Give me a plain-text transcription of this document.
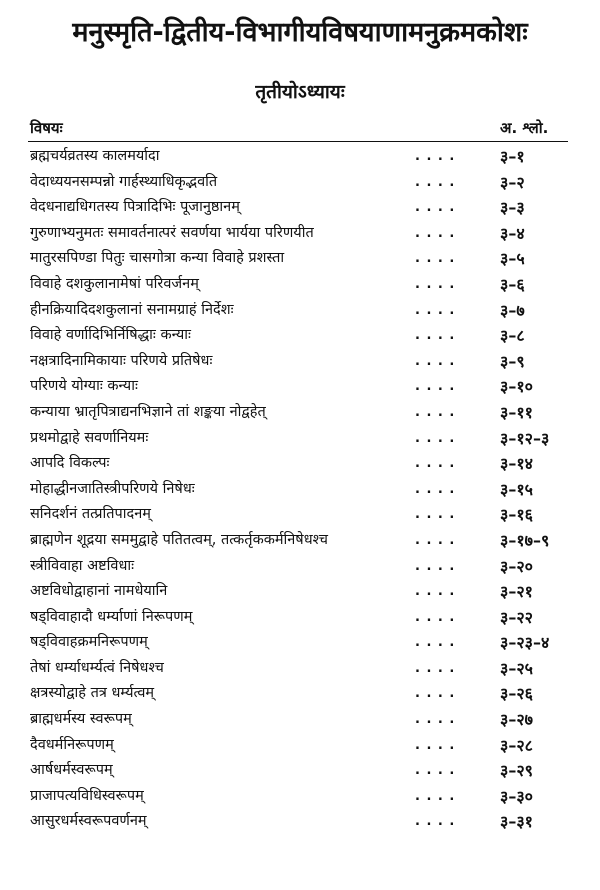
मनुस्मृति-द्वितीय-विभागीयविषयाणामनुक्रमकोशः
तृतीयोऽध्यायः
विषयः	अ. श्लो.
ब्रह्मचर्यव्रतस्य कालमर्यादा	. . . .	३–१
वेदाध्ययनसम्पन्नो गार्हस्थ्याधिकृद्भवति	. . . .	३–२
वेदधनाद्यधिगतस्य पित्रादिभिः पूजानुष्ठानम्	. . . .	३–३
गुरुणाभ्यनुमतः समावर्तनात्परं सवर्णया भार्यया परिणयीत	. . . .	३–४
मातुरसपिण्डा पितुः चासगोत्रा कन्या विवाहे प्रशस्ता	. . . .	३–५
विवाहे दशकुलानामेषां परिवर्जनम्	. . . .	३–६
हीनक्रियादिदशकुलानां सनामग्राहं निर्देशः	. . . .	३–७
विवाहे वर्णादिभिर्निषिद्धाः कन्याः	. . . .	३–८
नक्षत्रादिनामिकायाः परिणये प्रतिषेधः	. . . .	३–९
परिणये योग्याः कन्याः	. . . .	३–१०
कन्याया भ्रातृपित्राद्यनभिज्ञाने तां शङ्कया नोद्वहेत्	. . . .	३–११
प्रथमोद्वाहे सवर्णानियमः	. . . .	३–१२–३
आपदि विकल्पः	. . . .	३–१४
मोहाद्धीनजातिस्त्रीपरिणये निषेधः	. . . .	३–१५
सनिदर्शनं तत्प्रतिपादनम्	. . . .	३–१६
ब्राह्मणेन शूद्रया सममुद्वाहे पतितत्वम्, तत्कर्तृककर्मनिषेधश्च	. . . .	३–१७–९
स्त्रीविवाहा अष्टविधाः	. . . .	३–२०
अष्टविधोद्वाहानां नामधेयानि	. . . .	३–२१
षड्विवाहादौ धर्म्याणां निरूपणम्	. . . .	३–२२
षड्विवाहक्रमनिरूपणम्	. . . .	३–२३–४
तेषां धर्म्याधर्म्यत्वं निषेधश्च	. . . .	३–२५
क्षत्रस्योद्वाहे तत्र धर्म्यत्वम्	. . . .	३–२६
ब्राह्मधर्मस्य स्वरूपम्	. . . .	३–२७
दैवधर्मनिरूपणम्	. . . .	३–२८
आर्षधर्मस्वरूपम्	. . . .	३–२९
प्राजापत्यविधिस्वरूपम्	. . . .	३–३०
आसुरधर्मस्वरूपवर्णनम्	. . . .	३–३१
